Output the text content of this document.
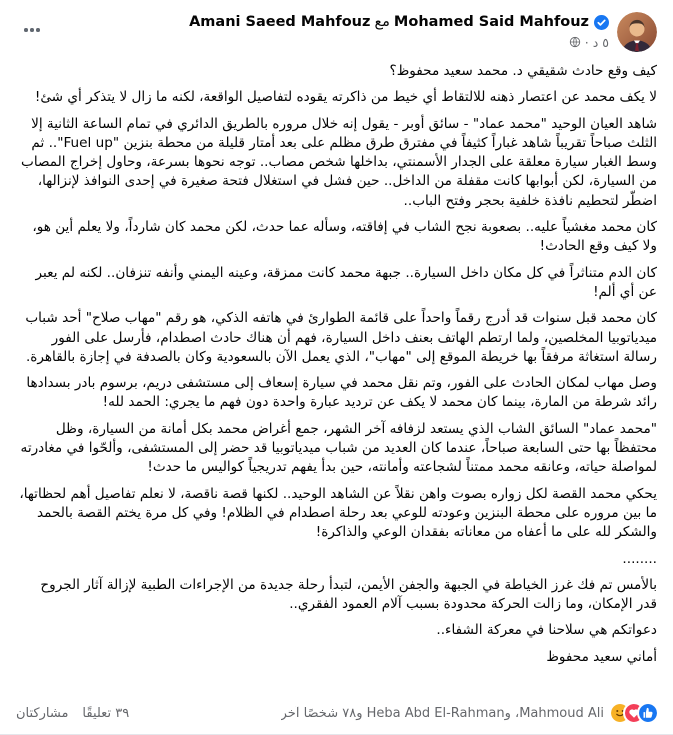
Amani Saeed Mahfouz مع Mohamed Said Mahfouz
٥ د
·

كيف وقع حادث شقيقي د. محمد سعيد محفوظ؟

لا يكف محمد عن اعتصار ذهنه للالتقاط أي خيط من ذاكرته يقوده لتفاصيل الواقعة، لكنه ما زال لا يتذكر أي شئ!

شاهد العيان الوحيد "محمد عماد" - سائق أوبر - يقول إنه خلال مروره بالطريق الدائري في تمام الساعة الثانية إلا الثلث صباحاً تقريباً شاهد غباراً كثيفاً في مفترق طرق مظلم على بعد أمتار قليلة من محطة بنزين "Fuel up".. ثم وسط الغبار سيارة معلقة على الجدار الأسمنتي، بداخلها شخص مصاب.. توجه نحوها بسرعة، وحاول إخراج المصاب من السيارة، لكن أبوابها كانت مقفلة من الداخل.. حين فشل في استغلال فتحة صغيرة في إحدى النوافذ لإنزالها، اضطّر لتحطيم نافذة خلفية بحجر وفتح الباب..

كان محمد مغشياً عليه.. بصعوبة نجح الشاب في إفاقته، وسأله عما حدث، لكن محمد كان شارداً، ولا يعلم أين هو، ولا كيف وقع الحادث!

كان الدم متناثراً في كل مكان داخل السيارة.. جبهة محمد كانت ممزقة، وعينه اليمني وأنفه تنزفان.. لكنه لم يعبر عن أي ألم!

كان محمد قبل سنوات قد أدرج رقماً واحداً على قائمة الطوارئ في هاتفه الذكي، هو رقم "مهاب صلاح" أحد شباب ميدياتوبيا المخلصين، ولما ارتطم الهاتف بعنف داخل السيارة، فهم أن هناك حادث اصطدام، فأرسل على الفور رسالة استغاثة مرفقاً بها خريطة الموقع إلى "مهاب"، الذي يعمل الآن بالسعودية وكان بالصدفة في إجازة بالقاهرة.

وصل مهاب لمكان الحادث على الفور، وتم نقل محمد في سيارة إسعاف إلى مستشفى دريم، برسوم بادر بسدادها رائد شرطة من المارة، بينما كان محمد لا يكف عن ترديد عبارة واحدة دون فهم ما يجري: الحمد لله!

"محمد عماد" السائق الشاب الذي يستعد لزفافه آخر الشهر، جمع أغراض محمد بكل أمانة من السيارة، وظل محتفظاً بها حتى السابعة صباحاً، عندما كان العديد من شباب ميدياتوبيا قد حضر إلى المستشفى، وألحّوا في مغادرته لمواصلة حياته، وعانقه محمد ممتناً لشجاعته وأمانته، حين بدأ يفهم تدريجياً كواليس ما حدث!

يحكي محمد القصة لكل زواره بصوت واهن نقلاً عن الشاهد الوحيد.. لكنها قصة ناقصة، لا نعلم تفاصيل أهم لحظاتها، ما بين مروره على محطة البنزين وعودته للوعي بعد رحلة اصطدام في الظلام! وفي كل مرة يختم القصة بالحمد والشكر لله على ما أعفاه من معاناته بفقدان الوعي والذاكرة!

........

بالأمس تم فك غرز الخياطة في الجبهة والجفن الأيمن، لتبدأ رحلة جديدة من الإجراءات الطبية لإزالة آثار الجروح قدر الإمكان، وما زالت الحركة محدودة بسبب آلام العمود الفقري..

دعواتكم هي سلاحنا في معركة الشفاء..

أماني سعيد محفوظ

Mahmoud Ali، وHeba Abd El-Rahman و٧٨ شخصًا آخر
٣٩ تعليقًا
مشاركتان
